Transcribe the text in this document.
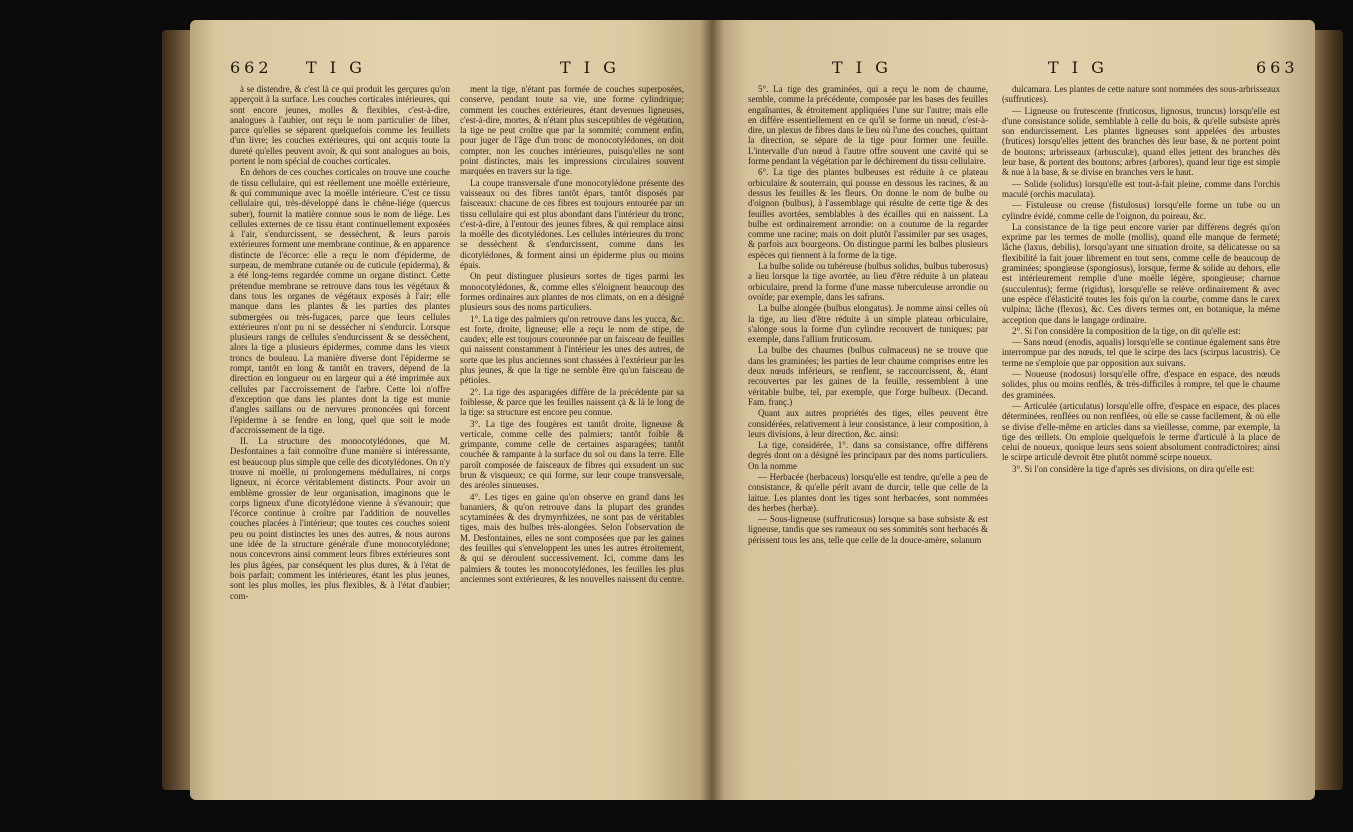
662 T I G	T I G

à se distendre, & c'est là ce qui produit les gerçures qu'on apperçoit à la surface. Les couches corticales intérieures, qui sont encore jeunes, molles & flexibles, c'est-à-dire, analogues à l'aubier, ont reçu le nom particulier de liber, parce qu'elles se séparent quelquefois comme les feuillets d'un livre; les couches extérieures, qui ont acquis toute la dureté qu'elles peuvent avoir, & qui sont analogues au bois, portent le nom spécial de couches corticales.

En dehors de ces couches corticales on trouve une couche de tissu cellulaire, qui est réellement une moëlle extérieure, & qui communique avec la moëlle intérieure. C'est ce tissu cellulaire qui, très-développé dans le chêne-liége (quercus suber), fournit la matière connue sous le nom de liége. Les cellules externes de ce tissu étant continuellement exposées à l'air, s'endurcissent, se dessèchent, & leurs parois extérieures forment une membrane continue, & en apparence distincte de l'écorce: elle a reçu le nom d'épiderme, de surpeau, de membrane cutanée ou de cuticule (epiderma), & a été long-tems regardée comme un organe distinct. Cette prétendue membrane se retrouve dans tous les végétaux & dans tous les organes de végétaux exposés à l'air; elle manque dans les plantes & les parties des plantes submergées ou très-fugaces, parce que leurs cellules extérieures n'ont pu ni se dessécher ni s'endurcir. Lorsque plusieurs rangs de cellules s'endurcissent & se dessèchent, alors la tige a plusieurs épidermes, comme dans les vieux troncs de bouleau. La manière diverse dont l'épiderme se rompt, tantôt en long & tantôt en travers, dépend de la direction en longueur ou en largeur qui a été imprimée aux cellules par l'accroissement de l'arbre. Cette loi n'offre d'exception que dans les plantes dont la tige est munie d'angles saillans ou de nervures prononcées qui forcent l'épiderme à se fendre en long, quel que soit le mode d'accroissement de la tige.

II. La structure des monocotylédones, que M. Desfontaines a fait connoître d'une manière si intéressante, est beaucoup plus simple que celle des dicotylédones. On n'y trouve ni moëlle, ni prolongemens médullaires, ni corps ligneux, ni écorce véritablement distincts. Pour avoir un emblème grossier de leur organisation, imaginons que le corps ligneux d'une dicotylédone vienne à s'évanouir; que l'écorce continue à croître par l'addition de nouvelles couches placées à l'intérieur; que toutes ces couches soient peu ou point distinctes les unes des autres, & nous aurons une idée de la structure générale d'une monocotylédone; nous concevrons ainsi comment leurs fibres extérieures sont les plus âgées, par conséquent les plus dures, & à l'état de bois parfait; comment les intérieures, étant les plus jeunes, sont les plus molles, les plus flexibles, & à l'état d'aubier; com-

ment la tige, n'étant pas formée de couches superposées, conserve, pendant toute sa vie, une forme cylindrique; comment les couches extérieures, étant devenues ligneuses, c'est-à-dire, mortes, & n'étant plus susceptibles de végétation, la tige ne peut croître que par la sommité; comment enfin, pour juger de l'âge d'un tronc de monocotylédones, on doit compter, non les couches intérieures, puisqu'elles ne sont point distinctes, mais les impressions circulaires souvent marquées en travers sur la tige.

La coupe transversale d'une monocotylédone présente des vaisseaux ou des fibres tantôt épars, tantôt disposés par faisceaux: chacune de ces fibres est toujours entourée par un tissu cellulaire qui est plus abondant dans l'intérieur du tronc, c'est-à-dire, à l'entour des jeunes fibres, & qui remplace ainsi la moëlle des dicotylédones. Les cellules intérieures du tronc se dessèchent & s'endurcissent, comme dans les dicotylédones, & forment ainsi un épiderme plus ou moins épais.

On peut distinguer plusieurs sortes de tiges parmi les monocotylédones, &, comme elles s'éloignent beaucoup des formes ordinaires aux plantes de nos climats, on en a désigné plusieurs sous des noms particuliers.

1°. La tige des palmiers qu'on retrouve dans les yucca, &c. est forte, droite, ligneuse; elle a reçu le nom de stipe, de caudex; elle est toujours couronnée par un faisceau de feuilles qui naissent constamment à l'intérieur les unes des autres, de sorte que les plus anciennes sont chassées à l'extérieur par les plus jeunes, & que la tige ne semble être qu'un faisceau de pétioles.

2°. La tige des asparagées diffère de la précédente par sa foiblesse, & parce que les feuilles naissent çà & là le long de la tige: sa structure est encore peu connue.

3°. La tige des fougères est tantôt droite, ligneuse & verticale, comme celle des palmiers; tantôt foible & grimpante, comme celle de certaines asparagées; tantôt couchée & rampante à la surface du sol ou dans la terre. Elle paroît composée de faisceaux de fibres qui exsudent un suc brun & visqueux; ce qui forme, sur leur coupe transversale, des aréoles sinueuses.

4°. Les tiges en gaine qu'on observe en grand dans les bananiers, & qu'on retrouve dans la plupart des grandes scytaminées & des drymyrrhizées, ne sont pas de véritables tiges, mais des bulbes très-alongées. Selon l'observation de M. Desfontaines, elles ne sont composées que par les gaines des feuilles qui s'enveloppent les unes les autres étroitement, & qui se déroulent successivement. Ici, comme dans les palmiers & toutes les monocotylédones, les feuilles les plus anciennes sont extérieures, & les nouvelles naissent du centre.

T I G	T I G	663

5°. La tige des graminées, qui a reçu le nom de chaume, semble, comme la précédente, composée par les bases des feuilles engaînantes, & étroitement appliquées l'une sur l'autre; mais elle en diffère essentiellement en ce qu'il se forme un nœud, c'est-à-dire, un plexus de fibres dans le lieu où l'une des couches, quittant la direction, se sépare de la tige pour former une feuille. L'intervalle d'un nœud à l'autre offre souvent une cavité qui se forme pendant la végétation par le déchirement du tissu cellulaire.

6°. La tige des plantes bulbeuses est réduite à ce plateau orbiculaire & souterrain, qui pousse en dessous les racines, & au dessus les feuilles & les fleurs. On donne le nom de bulbe ou d'oignon (bulbus), à l'assemblage qui résulte de cette tige & des feuilles avortées, semblables à des écailles qui en naissent. La bulbe est ordinairement arrondie: on a coutume de la regarder comme une racine; mais on doit plutôt l'assimiler par ses usages, & parfois aux bourgeons. On distingue parmi les bulbes plusieurs espèces qui tiennent à la forme de la tige.

La bulbe solide ou tubéreuse (bulbus solidus, bulbus tuberosus) a lieu lorsque la tige avortée, au lieu d'être réduite à un plateau orbiculaire, prend la forme d'une masse tuberculeuse arrondie ou ovoïde; par exemple, dans les safrans.

La bulbe alongée (bulbus elongatus). Je nomme ainsi celles où la tige, au lieu d'être réduite à un simple plateau orbiculaire, s'alonge sous la forme d'un cylindre recouvert de tuniques; par exemple, dans l'allium fruticosum.

La bulbe des chaumes (bulbus culmaceus) ne se trouve que dans les graminées; les parties de leur chaume comprises entre les deux nœuds inférieurs, se renflent, se raccourcissent, &, étant recouvertes par les gaines de la feuille, ressemblent à une véritable bulbe, tel, par exemple, que l'orge bulbeux. (Decand. Fam. franç.)

Quant aux autres propriétés des tiges, elles peuvent être considérées, relativement à leur consistance, à leur composition, à leurs divisions, à leur direction, &c. ainsi:

La tige, considérée, 1°. dans sa consistance, offre différens degrés dont on a désigné les principaux par des noms particuliers. On la nomme

— Herbacée (herbaceus) lorsqu'elle est tendre, qu'elle a peu de consistance, & qu'elle périt avant de durcir, telle que celle de la laitue. Les plantes dont les tiges sont herbacées, sont nommées des herbes (herbæ).

— Sous-ligneuse (suffruticosus) lorsque sa base subsiste & est ligneuse, tandis que ses rameaux ou ses sommités sont herbacés & périssent tous les ans, telle que celle de la douce-amère, solanum

dulcamara. Les plantes de cette nature sont nommées des sous-arbrisseaux (suffrutices).

— Ligneuse ou frutescente (fruticosus, lignosus, truncus) lorsqu'elle est d'une consistance solide, semblable à celle du bois, & qu'elle subsiste après son endurcissement. Les plantes ligneuses sont appelées des arbustes (frutices) lorsqu'elles jettent des branches dès leur base, & ne portent point de boutons; arbrisseaux (arbusculæ), quand elles jettent des branches dès leur base, & portent des boutons; arbres (arbores), quand leur tige est simple & nue à la base, & se divise en branches vers le haut.

— Solide (solidus) lorsqu'elle est tout-à-fait pleine, comme dans l'orchis maculé (orchis maculata).

— Fistuleuse ou creuse (fistulosus) lorsqu'elle forme un tube ou un cylindre évidé, comme celle de l'oignon, du poireau, &c.

La consistance de la tige peut encore varier par différens degrés qu'on exprime par les termes de molle (mollis), quand elle manque de fermeté; lâche (laxus, debilis), lorsqu'ayant une situation droite, sa délicatesse ou sa flexibilité la fait jouer librement en tout sens, comme celle de beaucoup de graminées; spongieuse (spongiosus), lorsque, ferme & solide au dehors, elle est intérieurement remplie d'une moëlle légère, spongieuse; charnue (succulentus); ferme (rigidus), lorsqu'elle se relève ordinairement & avec une espèce d'élasticité toutes les fois qu'on la courbe, comme dans le carex vulpina; lâche (flexus), &c. Ces divers termes ont, en botanique, la même acception que dans le langage ordinaire.

2°. Si l'on considère la composition de la tige, on dit qu'elle est:

— Sans nœud (enodis, aqualis) lorsqu'elle se continue également sans être interrompue par des nœuds, tel que le scirpe des lacs (scirpus lacustris). Ce terme ne s'emploie que par opposition aux suivans.

— Noueuse (nodosus) lorsqu'elle offre, d'espace en espace, des nœuds solides, plus ou moins renflés, & très-difficiles à rompre, tel que le chaume des graminées.

— Articulée (articulatus) lorsqu'elle offre, d'espace en espace, des places déterminées, renflées ou non renflées, où elle se casse facilement, & où elle se divise d'elle-même en articles dans sa vieillesse, comme, par exemple, la tige des œillets. On emploie quelquefois le terme d'articulé à la place de celui de noueux, quoique leurs sens soient absolument contradictoires; ainsi le scirpe articulé devroit être plutôt nommé scirpe noueux.

3°. Si l'on considère la tige d'après ses divisions, on dira qu'elle est:
